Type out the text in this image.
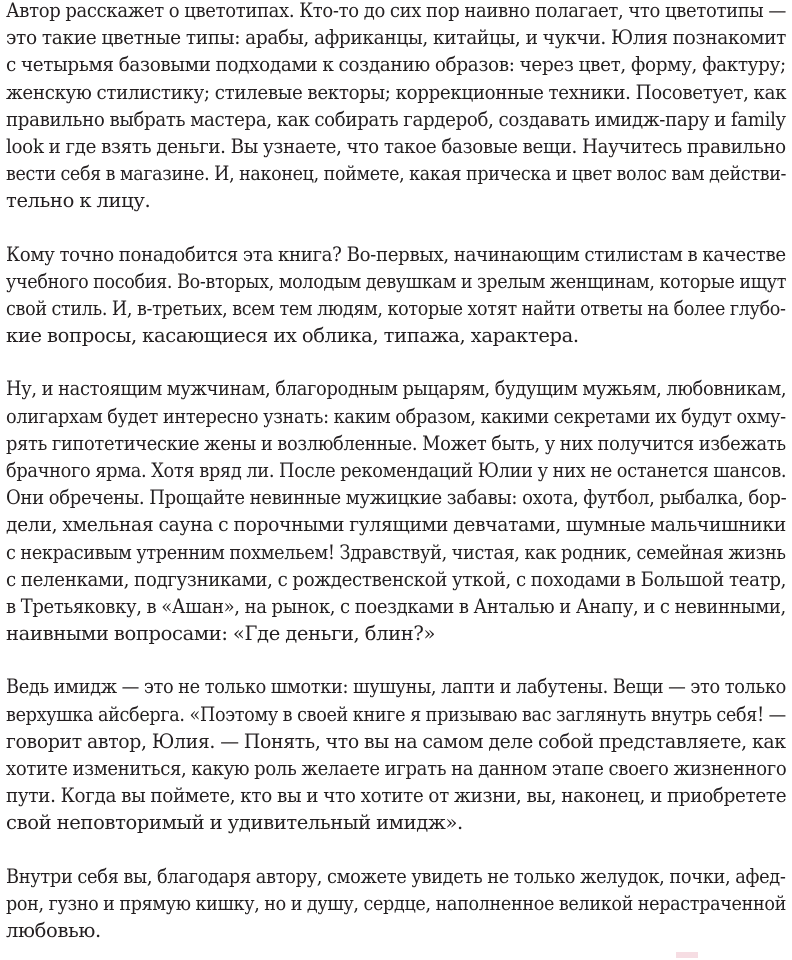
Автор расскажет о цветотипах. Кто-то до сих пор наивно полагает, что цветотипы —
это такие цветные типы: арабы, африканцы, китайцы, и чукчи. Юлия познакомит
с четырьмя базовыми подходами к созданию образов: через цвет, форму, фактуру;
женскую стилистику; стилевые векторы; коррекционные техники. Посоветует, как
правильно выбрать мастера, как собирать гардероб, создавать имидж-пару и family
look и где взять деньги. Вы узнаете, что такое базовые вещи. Научитесь правильно
вести себя в магазине. И, наконец, поймете, какая прическа и цвет волос вам действи-
тельно к лицу.

Кому точно понадобится эта книга? Во-первых, начинающим стилистам в качестве
учебного пособия. Во-вторых, молодым девушкам и зрелым женщинам, которые ищут
свой стиль. И, в-третьих, всем тем людям, которые хотят найти ответы на более глубо-
кие вопросы, касающиеся их облика, типажа, характера.

Ну, и настоящим мужчинам, благородным рыцарям, будущим мужьям, любовникам,
олигархам будет интересно узнать: каким образом, какими секретами их будут охму-
рять гипотетические жены и возлюбленные. Может быть, у них получится избежать
брачного ярма. Хотя вряд ли. После рекомендаций Юлии у них не останется шансов.
Они обречены. Прощайте невинные мужицкие забавы: охота, футбол, рыбалка, бор-
дели, хмельная сауна с порочными гулящими девчатами, шумные мальчишники
с некрасивым утренним похмельем! Здравствуй, чистая, как родник, семейная жизнь
с пеленками, подгузниками, с рождественской уткой, с походами в Большой театр,
в Третьяковку, в «Ашан», на рынок, с поездками в Анталью и Анапу, и с невинными,
наивными вопросами: «Где деньги, блин?»

Ведь имидж — это не только шмотки: шушуны, лапти и лабутены. Вещи — это только
верхушка айсберга. «Поэтому в своей книге я призываю вас заглянуть внутрь себя! —
говорит автор, Юлия. — Понять, что вы на самом деле собой представляете, как
хотите измениться, какую роль желаете играть на данном этапе своего жизненного
пути. Когда вы поймете, кто вы и что хотите от жизни, вы, наконец, и приобретете
свой неповторимый и удивительный имидж».

Внутри себя вы, благодаря автору, сможете увидеть не только желудок, почки, афед-
рон, гузно и прямую кишку, но и душу, сердце, наполненное великой нерастраченной
любовью.
